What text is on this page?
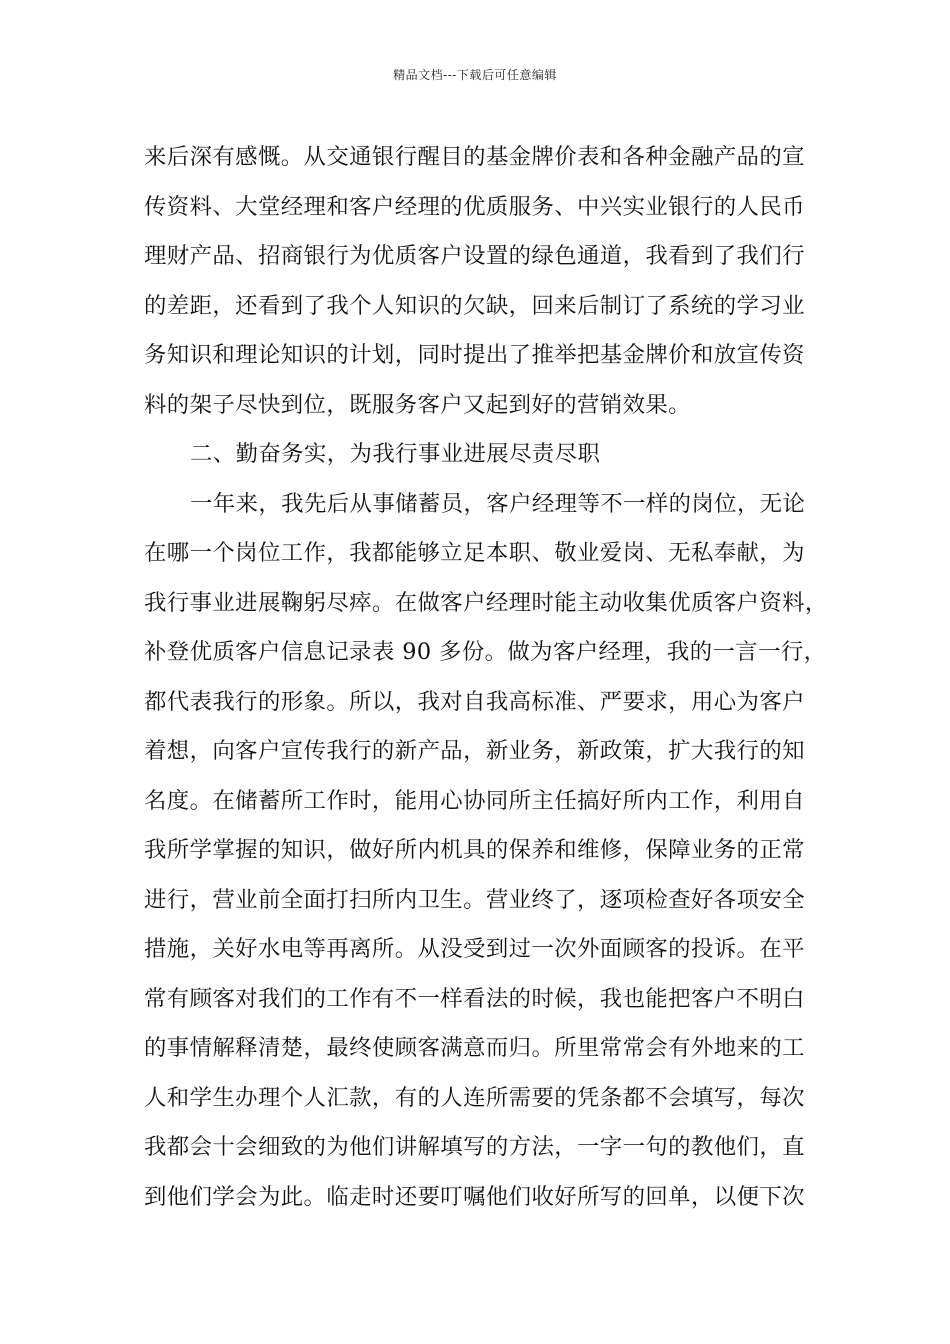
精品文档---下载后可任意编辑
来后深有感慨。从交通银行醒目的基金牌价表和各种金融产品的宣
传资料、大堂经理和客户经理的优质服务、中兴实业银行的人民币
理财产品、招商银行为优质客户设置的绿色通道，我看到了我们行
的差距，还看到了我个人知识的欠缺，回来后制订了系统的学习业
务知识和理论知识的计划，同时提出了推举把基金牌价和放宣传资
料的架子尽快到位，既服务客户又起到好的营销效果。
二、勤奋务实，为我行事业进展尽责尽职
一年来，我先后从事储蓄员，客户经理等不一样的岗位，无论
在哪一个岗位工作，我都能够立足本职、敬业爱岗、无私奉献，为
我行事业进展鞠躬尽瘁。在做客户经理时能主动收集优质客户资料，
补登优质客户信息记录表 90 多份。做为客户经理，我的一言一行，
都代表我行的形象。所以，我对自我高标准、严要求，用心为客户
着想，向客户宣传我行的新产品，新业务，新政策，扩大我行的知
名度。在储蓄所工作时，能用心协同所主任搞好所内工作，利用自
我所学掌握的知识，做好所内机具的保养和维修，保障业务的正常
进行，营业前全面打扫所内卫生。营业终了，逐项检查好各项安全
措施，关好水电等再离所。从没受到过一次外面顾客的投诉。在平
常有顾客对我们的工作有不一样看法的时候，我也能把客户不明白
的事情解释清楚，最终使顾客满意而归。所里常常会有外地来的工
人和学生办理个人汇款，有的人连所需要的凭条都不会填写，每次
我都会十会细致的为他们讲解填写的方法，一字一句的教他们，直
到他们学会为此。临走时还要叮嘱他们收好所写的回单，以便下次
